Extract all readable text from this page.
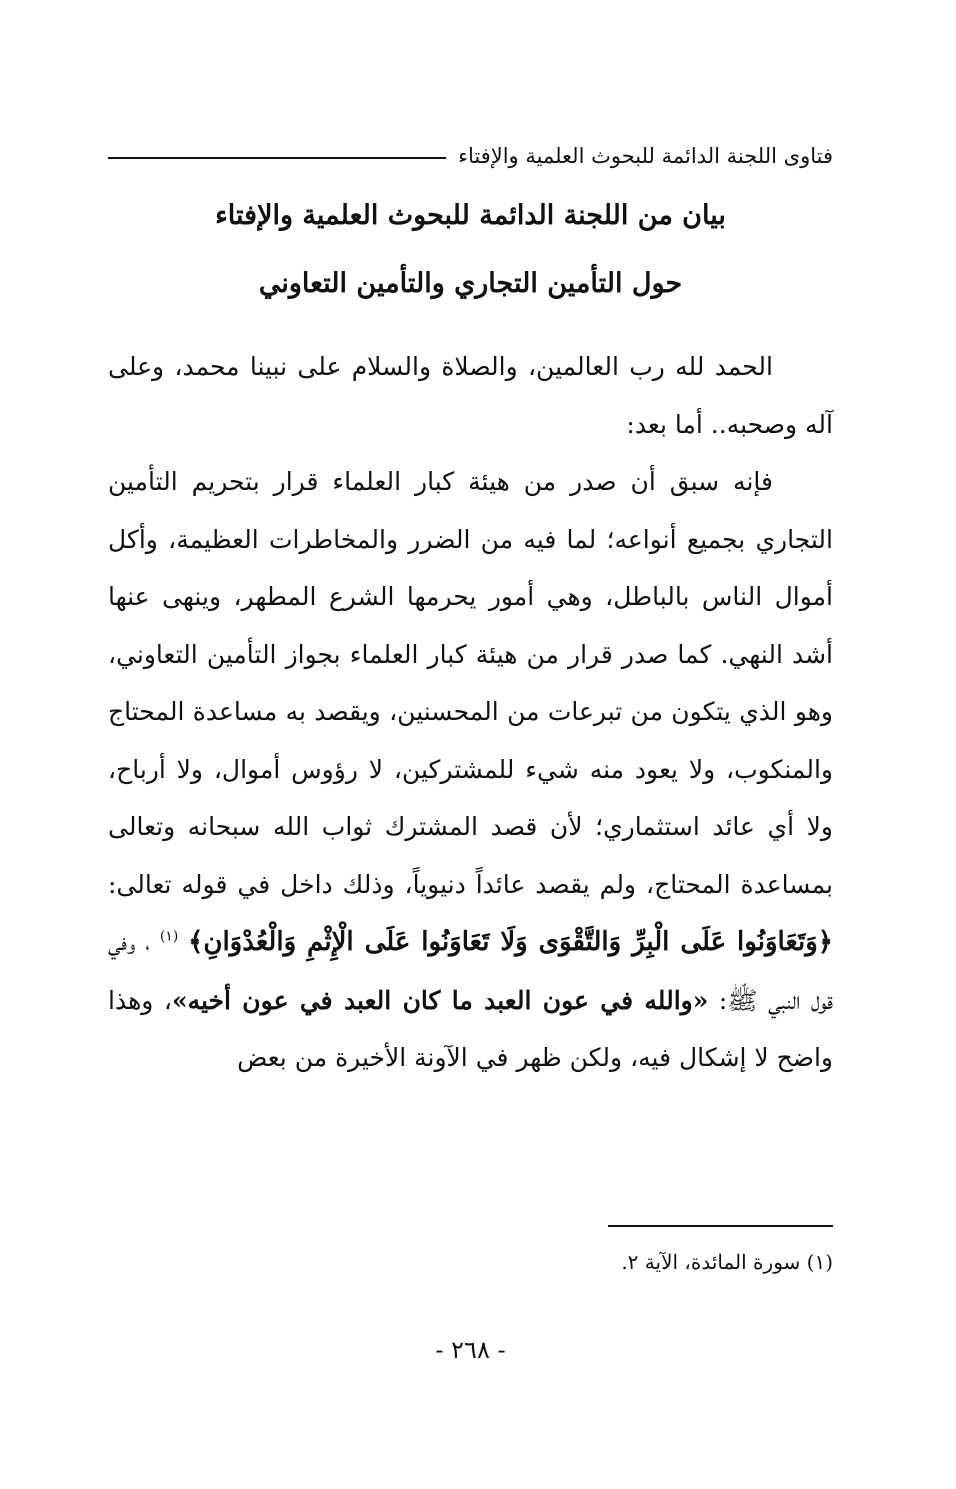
فتاوى اللجنة الدائمة للبحوث العلمية والإفتاء
بيان من اللجنة الدائمة للبحوث العلمية والإفتاء
حول التأمين التجاري والتأمين التعاوني

الحمد لله رب العالمين، والصلاة والسلام على نبينا محمد، وعلى آله وصحبه.. أما بعد:

فإنه سبق أن صدر من هيئة كبار العلماء قرار بتحريم التأمين التجاري بجميع أنواعه؛ لما فيه من الضرر والمخاطرات العظيمة، وأكل أموال الناس بالباطل، وهي أمور يحرمها الشرع المطهر، وينهى عنها أشد النهي. كما صدر قرار من هيئة كبار العلماء بجواز التأمين التعاوني، وهو الذي يتكون من تبرعات من المحسنين، ويقصد به مساعدة المحتاج والمنكوب، ولا يعود منه شيء للمشتركين، لا رؤوس أموال، ولا أرباح، ولا أي عائد استثماري؛ لأن قصد المشترك ثواب الله سبحانه وتعالى بمساعدة المحتاج، ولم يقصد عائداً دنيوياً، وذلك داخل في قوله تعالى: ﴿وَتَعَاوَنُوا عَلَى الْبِرِّ وَالتَّقْوَى وَلَا تَعَاوَنُوا عَلَى الْإِثْمِ وَالْعُدْوَانِ﴾ $^{(١)}$ ، وفي قول النبي ﷺ: «والله في عون العبد ما كان العبد في عون أخيه»، وهذا واضح لا إشكال فيه، ولكن ظهر في الآونة الأخيرة من بعض

(١) سورة المائدة، الآية ٢.
- ٢٦٨ -
